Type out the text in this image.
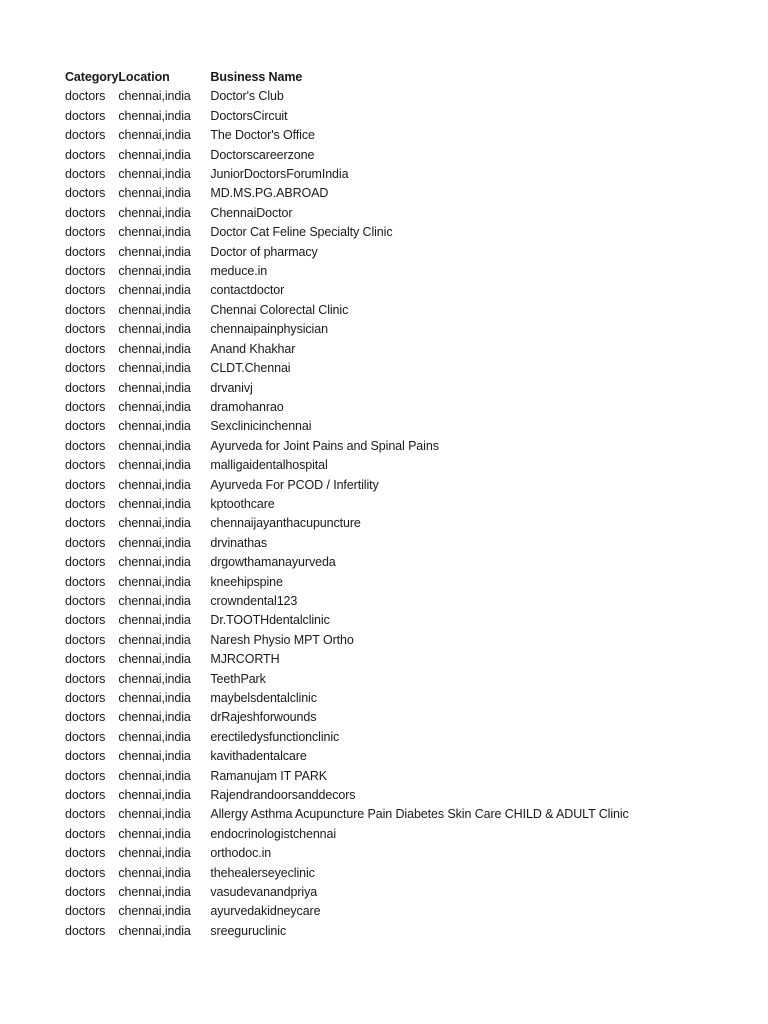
Category	Location	Business Name
doctors	chennai,india	Doctor's Club
doctors	chennai,india	DoctorsCircuit
doctors	chennai,india	The Doctor's Office
doctors	chennai,india	Doctorscareerzone
doctors	chennai,india	JuniorDoctorsForumIndia
doctors	chennai,india	MD.MS.PG.ABROAD
doctors	chennai,india	ChennaiDoctor
doctors	chennai,india	Doctor Cat Feline Specialty Clinic
doctors	chennai,india	Doctor of pharmacy
doctors	chennai,india	meduce.in
doctors	chennai,india	contactdoctor
doctors	chennai,india	Chennai Colorectal Clinic
doctors	chennai,india	chennaipainphysician
doctors	chennai,india	Anand Khakhar
doctors	chennai,india	CLDT.Chennai
doctors	chennai,india	drvanivj
doctors	chennai,india	dramohanrao
doctors	chennai,india	Sexclinicinchennai
doctors	chennai,india	Ayurveda for Joint Pains and Spinal Pains
doctors	chennai,india	malligaidentalhospital
doctors	chennai,india	Ayurveda For PCOD / Infertility
doctors	chennai,india	kptoothcare
doctors	chennai,india	chennaijayanthacupuncture
doctors	chennai,india	drvinathas
doctors	chennai,india	drgowthamanayurveda
doctors	chennai,india	kneehipspine
doctors	chennai,india	crowndental123
doctors	chennai,india	Dr.TOOTHdentalclinic
doctors	chennai,india	Naresh Physio MPT Ortho
doctors	chennai,india	MJRCORTH
doctors	chennai,india	TeethPark
doctors	chennai,india	maybelsdentalclinic
doctors	chennai,india	drRajeshforwounds
doctors	chennai,india	erectiledysfunctionclinic
doctors	chennai,india	kavithadentalcare
doctors	chennai,india	Ramanujam IT PARK
doctors	chennai,india	Rajendrandoorsanddecors
doctors	chennai,india	Allergy Asthma Acupuncture Pain Diabetes Skin Care CHILD & ADULT Clinic
doctors	chennai,india	endocrinologistchennai
doctors	chennai,india	orthodoc.in
doctors	chennai,india	thehealerseyeclinic
doctors	chennai,india	vasudevanandpriya
doctors	chennai,india	ayurvedakidneycare
doctors	chennai,india	sreeguruclinic
